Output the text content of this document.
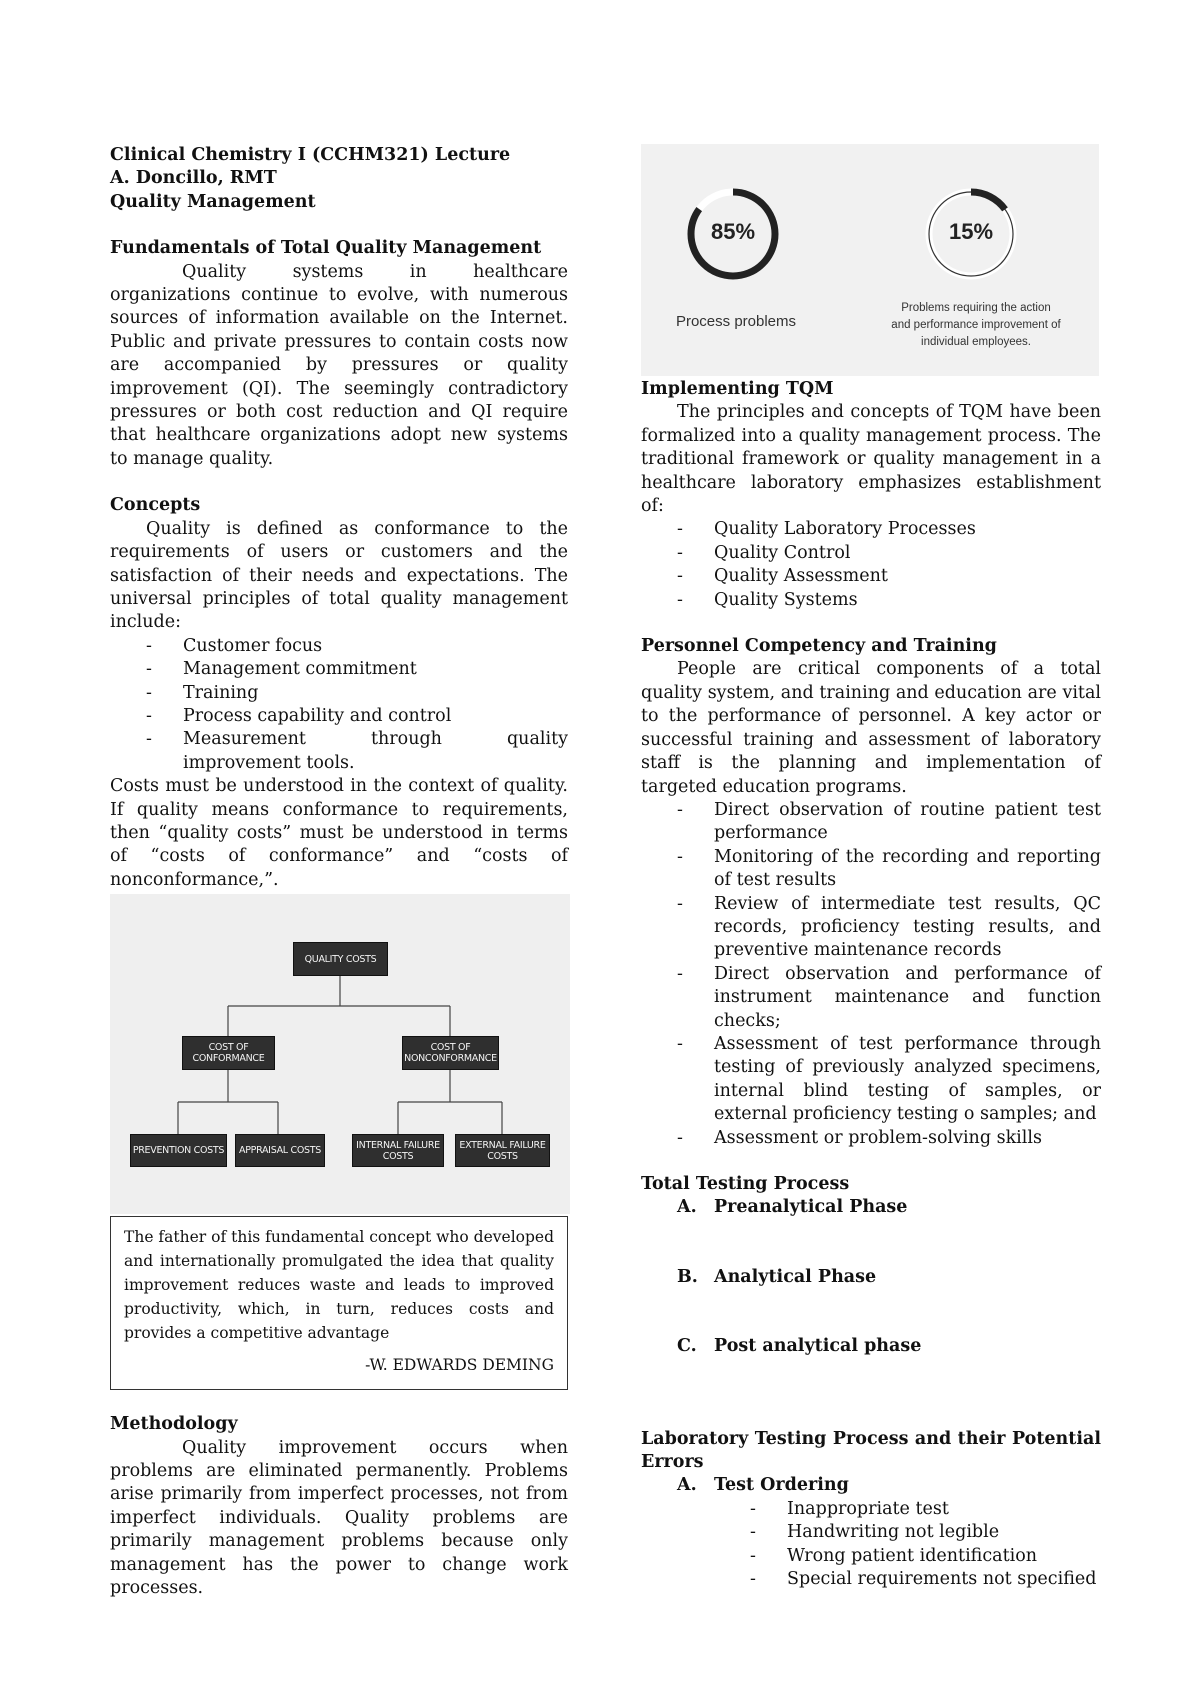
Clinical Chemistry I (CCHM321) Lecture
A. Doncillo, RMT
Quality Management
Fundamentals of Total Quality Management

Quality systems in healthcare organizations continue to evolve, with numerous sources of information available on the Internet. Public and private pressures to contain costs now are accompanied by pressures or quality improvement (QI). The seemingly contradictory pressures or both cost reduction and QI require that healthcare organizations adopt new systems to manage quality.

Concepts

Quality is defined as conformance to the requirements of users or customers and the satisfaction of their needs and expectations. The universal principles of total quality management include:

- Customer focus
- Management commitment
- Training
- Process capability and control
- Measurement through quality improvement tools.

Costs must be understood in the context of quality. If quality means conformance to requirements, then “quality costs” must be understood in terms of “costs of conformance” and “costs of nonconformance,”.

QUALITY COSTS
COST OF CONFORMANCE
COST OF NONCONFORMANCE
PREVENTION COSTS	APPRAISAL COSTS	INTERNAL FAILURE COSTS
EXTERNAL FAILURE COSTS

The father of this fundamental concept who developed and internationally promulgated the idea that quality improvement reduces waste and leads to improved productivity, which, in turn, reduces costs and provides a competitive advantage

-W. EDWARDS DEMING
Methodology

Quality improvement occurs when problems are eliminated permanently. Problems arise primarily from imperfect processes, not from imperfect individuals. Quality problems are primarily management problems because only management has the power to change work processes.

85%	15%
Process problems
Problems requiring the action and performance improvement of individual employees.
Implementing TQM

The principles and concepts of TQM have been formalized into a quality management process. The traditional framework or quality management in a healthcare laboratory emphasizes establishment of:

- Quality Laboratory Processes
- Quality Control
- Quality Assessment
- Quality Systems
Personnel Competency and Training

People are critical components of a total quality system, and training and education are vital to the performance of personnel. A key actor or successful training and assessment of laboratory staff is the planning and implementation of targeted education programs.

- Direct observation of routine patient test performance
- Monitoring of the recording and reporting of test results
- Review of intermediate test results, QC records, proficiency testing results, and preventive maintenance records
- Direct observation and performance of instrument maintenance and function checks;
- Assessment of test performance through testing of previously analyzed specimens, internal blind testing of samples, or external proficiency testing o samples; and
- Assessment or problem-solving skills
Total Testing Process
A. Preanalytical Phase
B. Analytical Phase
C. Post analytical phase

Laboratory Testing Process and their Potential Errors

A. Test Ordering
- Inappropriate test
- Handwriting not legible
- Wrong patient identification
- Special requirements not specified
